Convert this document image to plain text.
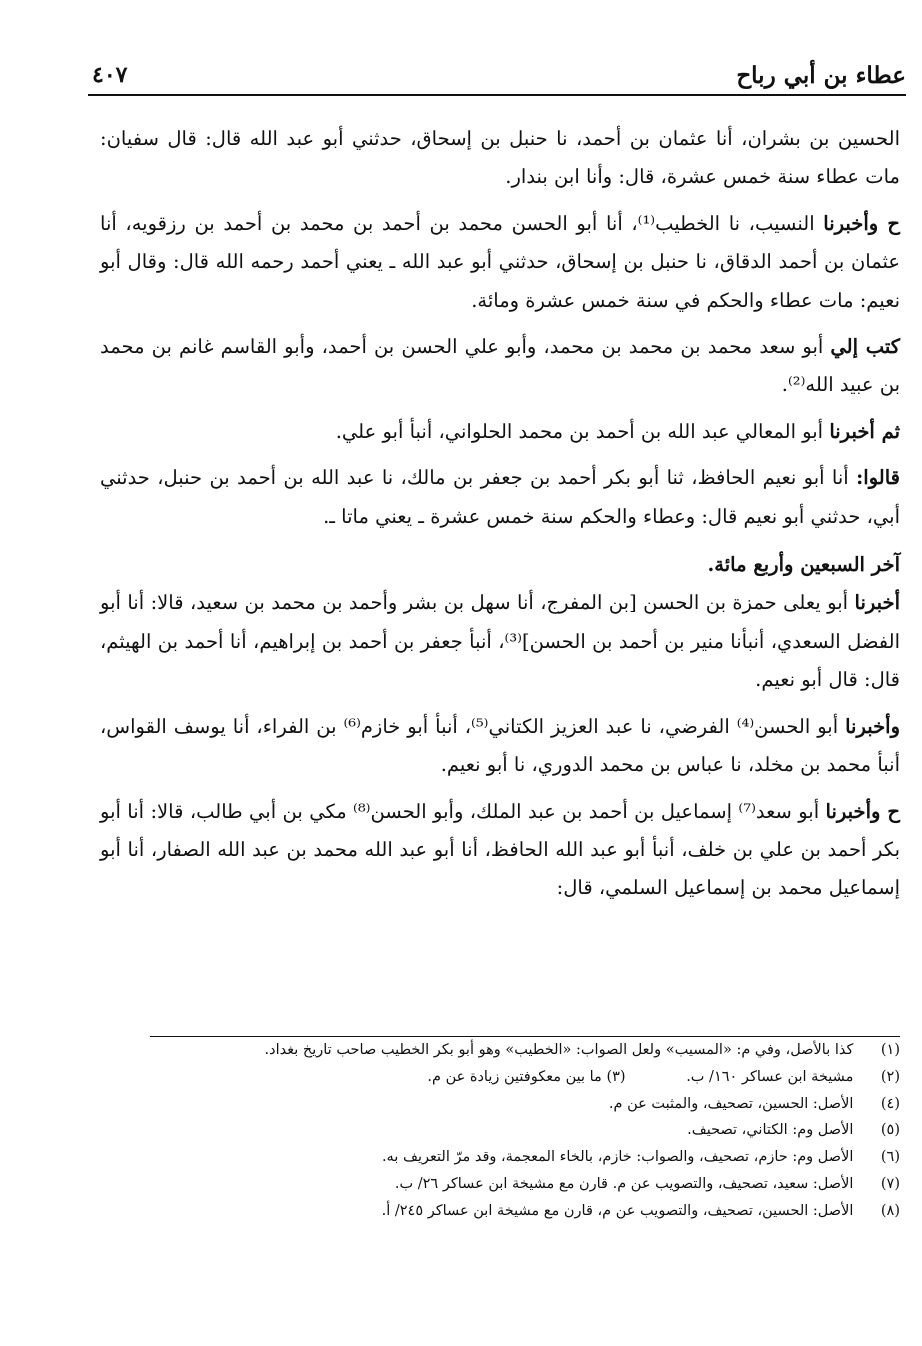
عطاء بن أبي رباح
٤٠٧

الحسين بن بشران، أنا عثمان بن أحمد، نا حنبل بن إسحاق، حدثني أبو عبد الله قال: قال سفيان: مات عطاء سنة خمس عشرة، قال: وأنا ابن بندار.

ح وأخبرنا النسيب، نا الخطيب⁽¹⁾، أنا أبو الحسن محمد بن أحمد بن محمد بن أحمد بن رزقويه، أنا عثمان بن أحمد الدقاق، نا حنبل بن إسحاق، حدثني أبو عبد الله ـ يعني أحمد رحمه الله قال: وقال أبو نعيم: مات عطاء والحكم في سنة خمس عشرة ومائة.

كتب إلي أبو سعد محمد بن محمد بن محمد، وأبو علي الحسن بن أحمد، وأبو القاسم غانم بن محمد بن عبيد الله⁽²⁾.

ثم أخبرنا أبو المعالي عبد الله بن أحمد بن محمد الحلواني، أنبأ أبو علي.

قالوا: أنا أبو نعيم الحافظ، ثنا أبو بكر أحمد بن جعفر بن مالك، نا عبد الله بن أحمد بن حنبل، حدثني أبي، حدثني أبو نعيم قال: وعطاء والحكم سنة خمس عشرة ـ يعني ماتا ـ.

آخر السبعين وأربع مائة.

أخبرنا أبو يعلى حمزة بن الحسن [بن المفرج، أنا سهل بن بشر وأحمد بن محمد بن سعيد، قالا: أنا أبو الفضل السعدي، أنبأنا منير بن أحمد بن الحسن]⁽³⁾، أنبأ جعفر بن أحمد بن إبراهيم، أنا أحمد بن الهيثم، قال: قال أبو نعيم.

وأخبرنا أبو الحسن⁽⁴⁾ الفرضي، نا عبد العزيز الكتاني⁽⁵⁾، أنبأ أبو خازم⁽⁶⁾ بن الفراء، أنا يوسف القواس، أنبأ محمد بن مخلد، نا عباس بن محمد الدوري، نا أبو نعيم.

ح وأخبرنا أبو سعد⁽⁷⁾ إسماعيل بن أحمد بن عبد الملك، وأبو الحسن⁽⁸⁾ مكي بن أبي طالب، قالا: أنا أبو بكر أحمد بن علي بن خلف، أنبأ أبو عبد الله الحافظ، أنا أبو عبد الله محمد بن عبد الله الصفار، أنا أبو إسماعيل محمد بن إسماعيل السلمي، قال:

(١) كذا بالأصل، وفي م: «المسيب» ولعل الصواب: «الخطيب» وهو أبو بكر الخطيب صاحب تاريخ بغداد.
(٢) مشيخة ابن عساكر ١٦٠/ ب. (٣) ما بين معكوفتين زيادة عن م.
(٤) الأصل: الحسين، تصحيف، والمثبت عن م.
(٥) الأصل وم: الكتاني، تصحيف.
(٦) الأصل وم: حازم، تصحيف، والصواب: خازم، بالخاء المعجمة، وقد مرّ التعريف به.
(٧) الأصل: سعيد، تصحيف، والتصويب عن م. قارن مع مشيخة ابن عساكر ٢٦/ ب.
(٨) الأصل: الحسين، تصحيف، والتصويب عن م، قارن مع مشيخة ابن عساكر ٢٤٥/ أ.
